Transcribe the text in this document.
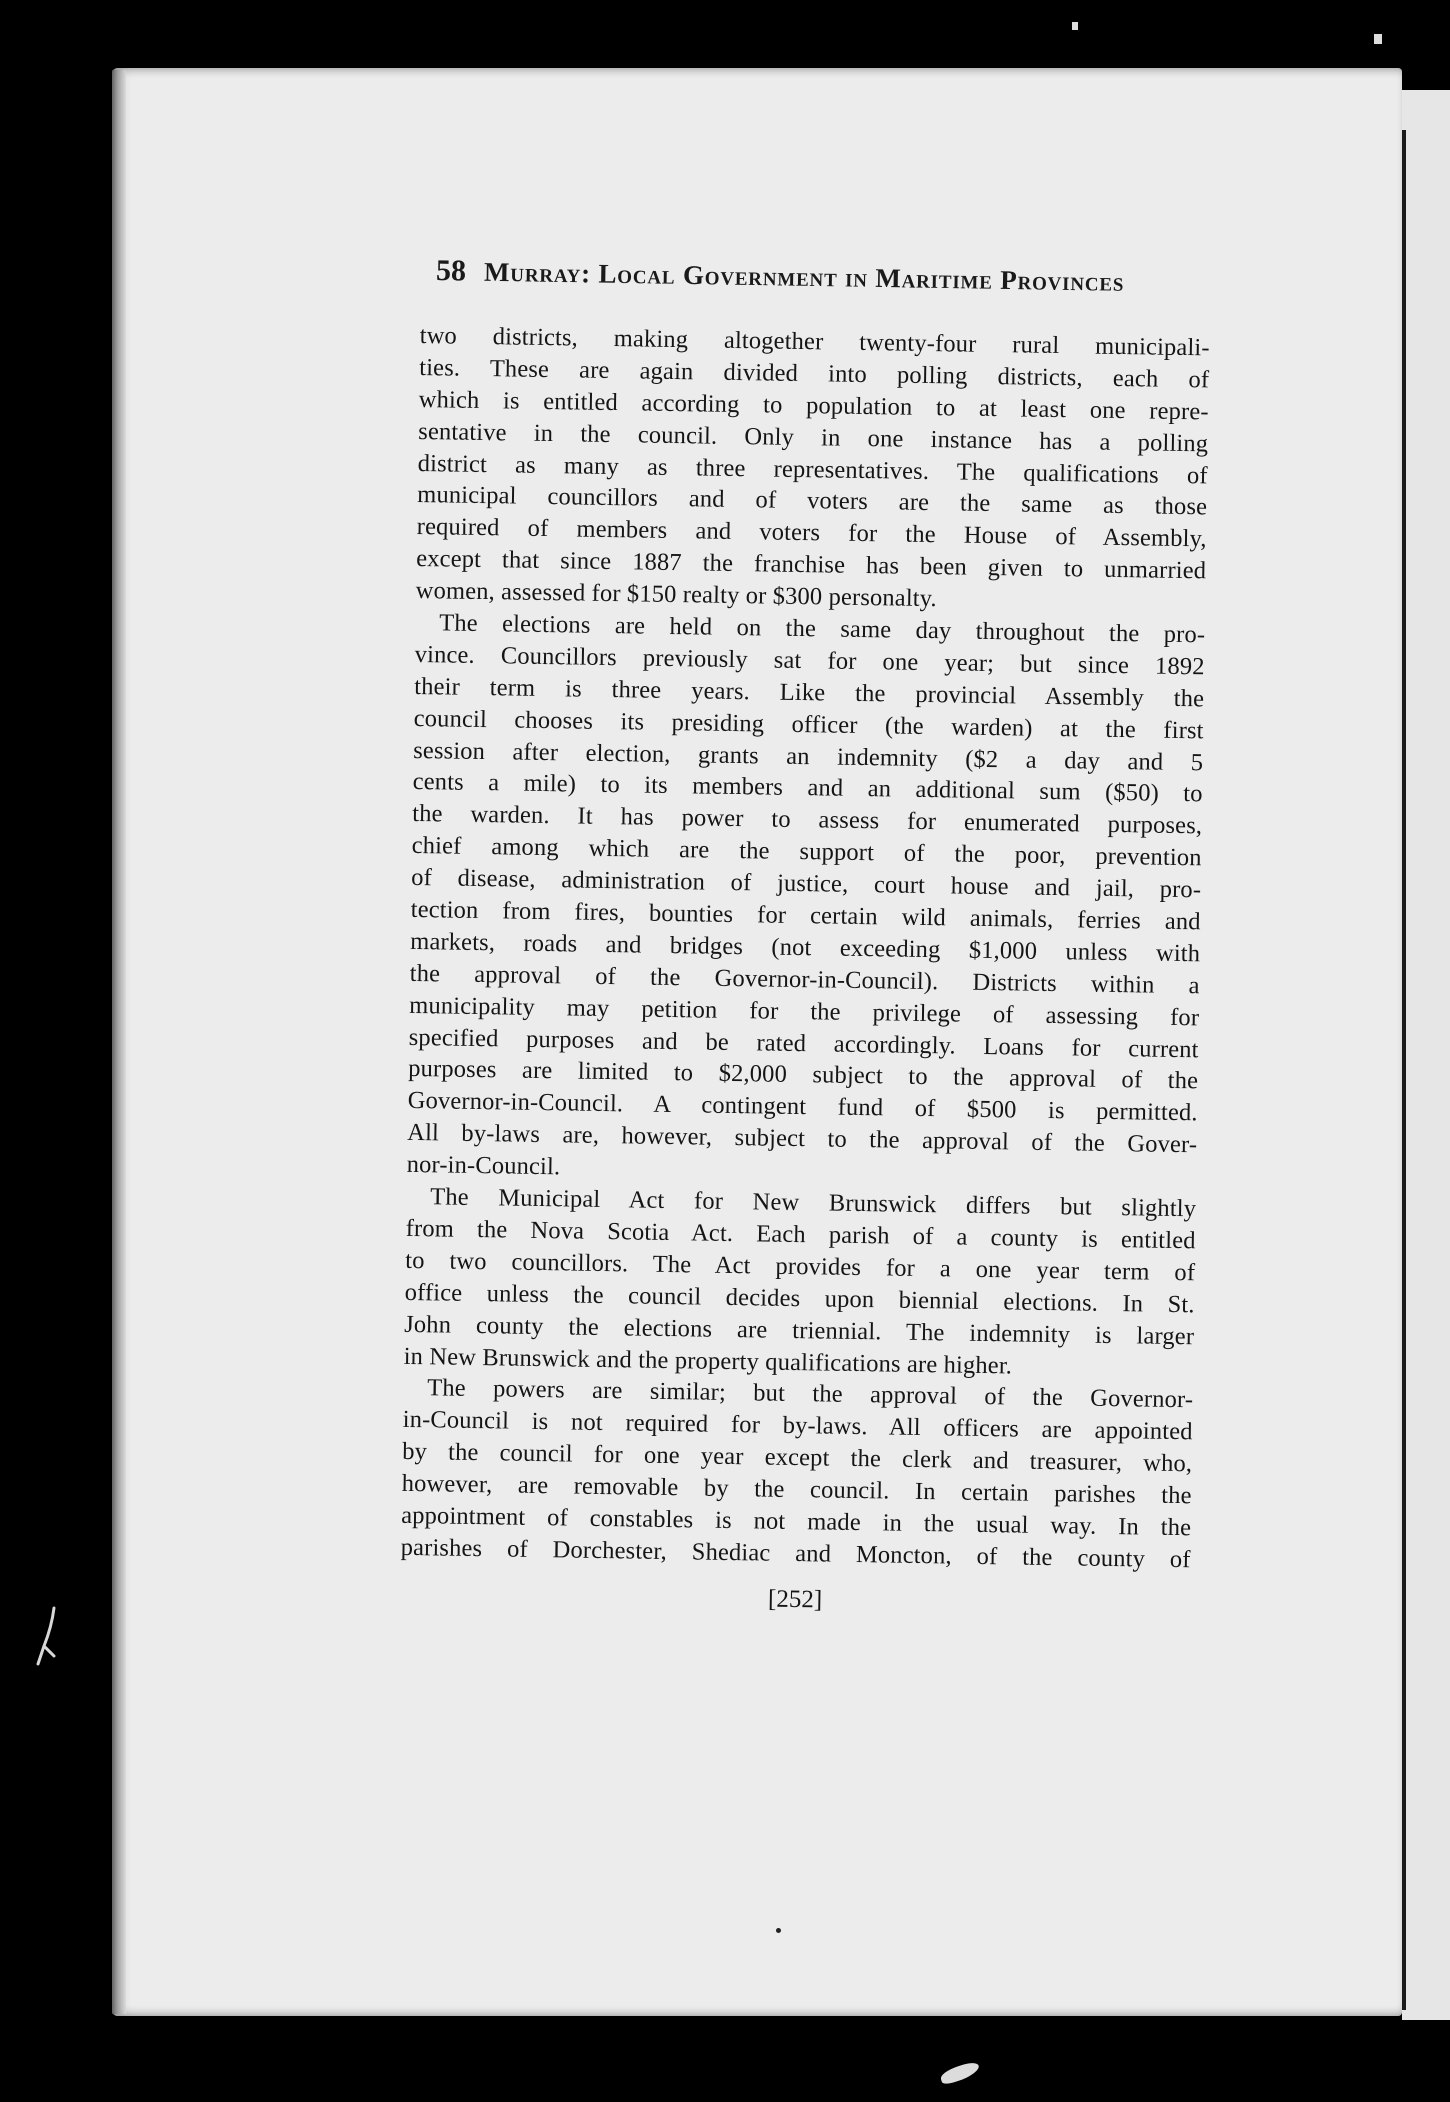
58 Murray: Local Government in Maritime Provinces
two districts, making altogether twenty-four rural municipali-
ties. These are again divided into polling districts, each of
which is entitled according to population to at least one repre-
sentative in the council. Only in one instance has a polling
district as many as three representatives. The qualifications of
municipal councillors and of voters are the same as those
required of members and voters for the House of Assembly,
except that since 1887 the franchise has been given to unmarried
women, assessed for $150 realty or $300 personalty.
The elections are held on the same day throughout the pro-
vince. Councillors previously sat for one year; but since 1892
their term is three years. Like the provincial Assembly the
council chooses its presiding officer (the warden) at the first
session after election, grants an indemnity ($2 a day and 5
cents a mile) to its members and an additional sum ($50) to
the warden. It has power to assess for enumerated purposes,
chief among which are the support of the poor, prevention
of disease, administration of justice, court house and jail, pro-
tection from fires, bounties for certain wild animals, ferries and
markets, roads and bridges (not exceeding $1,000 unless with
the approval of the Governor-in-Council). Districts within a
municipality may petition for the privilege of assessing for
specified purposes and be rated accordingly. Loans for current
purposes are limited to $2,000 subject to the approval of the
Governor-in-Council. A contingent fund of $500 is permitted.
All by-laws are, however, subject to the approval of the Gover-
nor-in-Council.
The Municipal Act for New Brunswick differs but slightly
from the Nova Scotia Act. Each parish of a county is entitled
to two councillors. The Act provides for a one year term of
office unless the council decides upon biennial elections. In St.
John county the elections are triennial. The indemnity is larger
in New Brunswick and the property qualifications are higher.
The powers are similar; but the approval of the Governor-
in-Council is not required for by-laws. All officers are appointed
by the council for one year except the clerk and treasurer, who,
however, are removable by the council. In certain parishes the
appointment of constables is not made in the usual way. In the
parishes of Dorchester, Shediac and Moncton, of the county of
[252]
